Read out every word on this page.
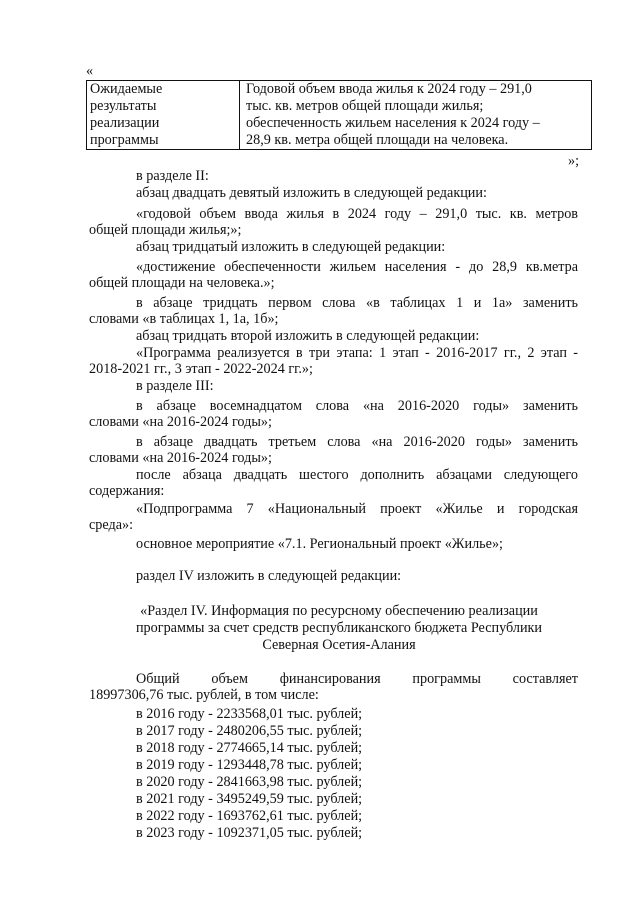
«
Ожидаемые
результаты
реализации
программы

Годовой объем ввода жилья к 2024 году – 291,0
тыс. кв. метров общей площади жилья;
обеспеченность жильем населения к 2024 году –
28,9 кв. метра общей площади на человека.
»;
в разделе II:
абзац двадцать девятый изложить в следующей редакции:
«годовой объем ввода жилья в 2024 году – 291,0 тыс. кв. метров
общей площади жилья;»;
абзац тридцатый изложить в следующей редакции:
«достижение обеспеченности жильем населения - до 28,9 кв.метра
общей площади на человека.»;
в абзаце тридцать первом слова «в таблицах 1 и 1а» заменить
словами «в таблицах 1, 1а, 1б»;
абзац тридцать второй изложить в следующей редакции:
«Программа реализуется в три этапа: 1 этап - 2016-2017 гг., 2 этап -
2018-2021 гг., 3 этап - 2022-2024 гг.»;
в разделе III:
в абзаце восемнадцатом слова «на 2016-2020 годы» заменить
словами «на 2016-2024 годы»;
в абзаце двадцать третьем слова «на 2016-2020 годы» заменить
словами «на 2016-2024 годы»;
после абзаца двадцать шестого дополнить абзацами следующего
содержания:
«Подпрограмма 7 «Национальный проект «Жилье и городская
среда»:
основное мероприятие «7.1. Региональный проект «Жилье»;
раздел IV изложить в следующей редакции:
«Раздел IV. Информация по ресурсному обеспечению реализации
программы за счет средств республиканского бюджета Республики
Северная Осетия-Алания
Общий объем финансирования программы составляет
18997306,76 тыс. рублей, в том числе:
в 2016 году - 2233568,01 тыс. рублей;
в 2017 году - 2480206,55 тыс. рублей;
в 2018 году - 2774665,14 тыс. рублей;
в 2019 году - 1293448,78 тыс. рублей;
в 2020 году - 2841663,98 тыс. рублей;
в 2021 году - 3495249,59 тыс. рублей;
в 2022 году - 1693762,61 тыс. рублей;
в 2023 году - 1092371,05 тыс. рублей;
